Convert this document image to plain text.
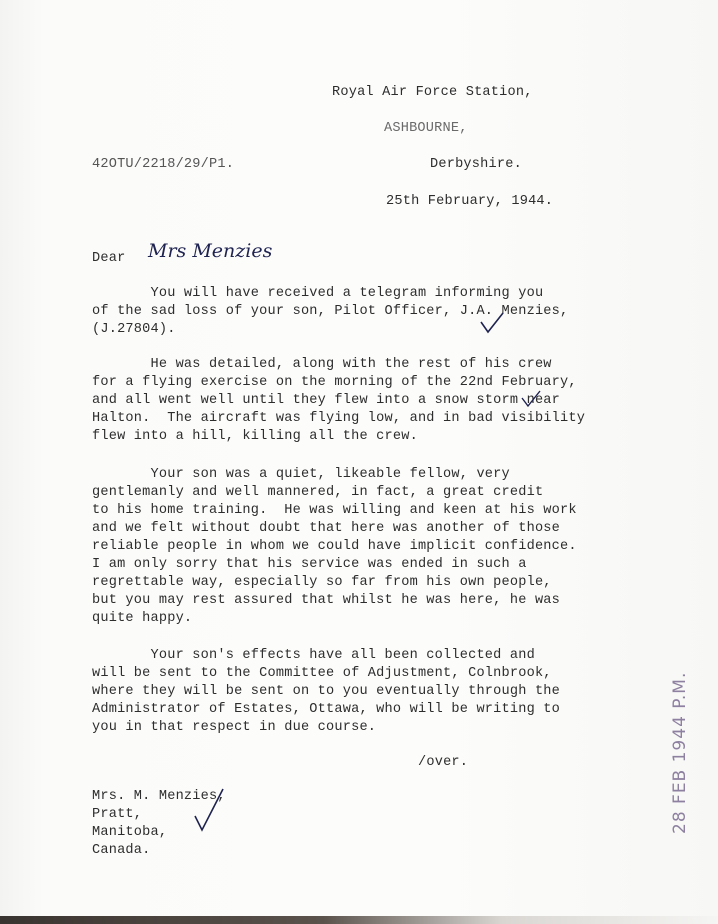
Royal Air Force Station,
ASHBOURNE,
Derbyshire.
25th February, 1944.
42OTU/2218/29/P1.
Dear Mrs Menzies
You will have received a telegram informing you
of the sad loss of your son, Pilot Officer, J.A. Menzies,
(J.27804).
He was detailed, along with the rest of his crew
for a flying exercise on the morning of the 22nd February,
and all went well until they flew into a snow storm near
Halton.  The aircraft was flying low, and in bad visibility
flew into a hill, killing all the crew.
Your son was a quiet, likeable fellow, very
gentlemanly and well mannered, in fact, a great credit
to his home training.  He was willing and keen at his work
and we felt without doubt that here was another of those
reliable people in whom we could have implicit confidence.
I am only sorry that his service was ended in such a
regrettable way, especially so far from his own people,
but you may rest assured that whilst he was here, he was
quite happy.
Your son's effects have all been collected and
will be sent to the Committee of Adjustment, Colnbrook,
where they will be sent on to you eventually through the
Administrator of Estates, Ottawa, who will be writing to
you in that respect in due course.
/over.
Mrs. M. Menzies,
Pratt,
Manitoba,
Canada.
28 FEB 1944 P.M.
